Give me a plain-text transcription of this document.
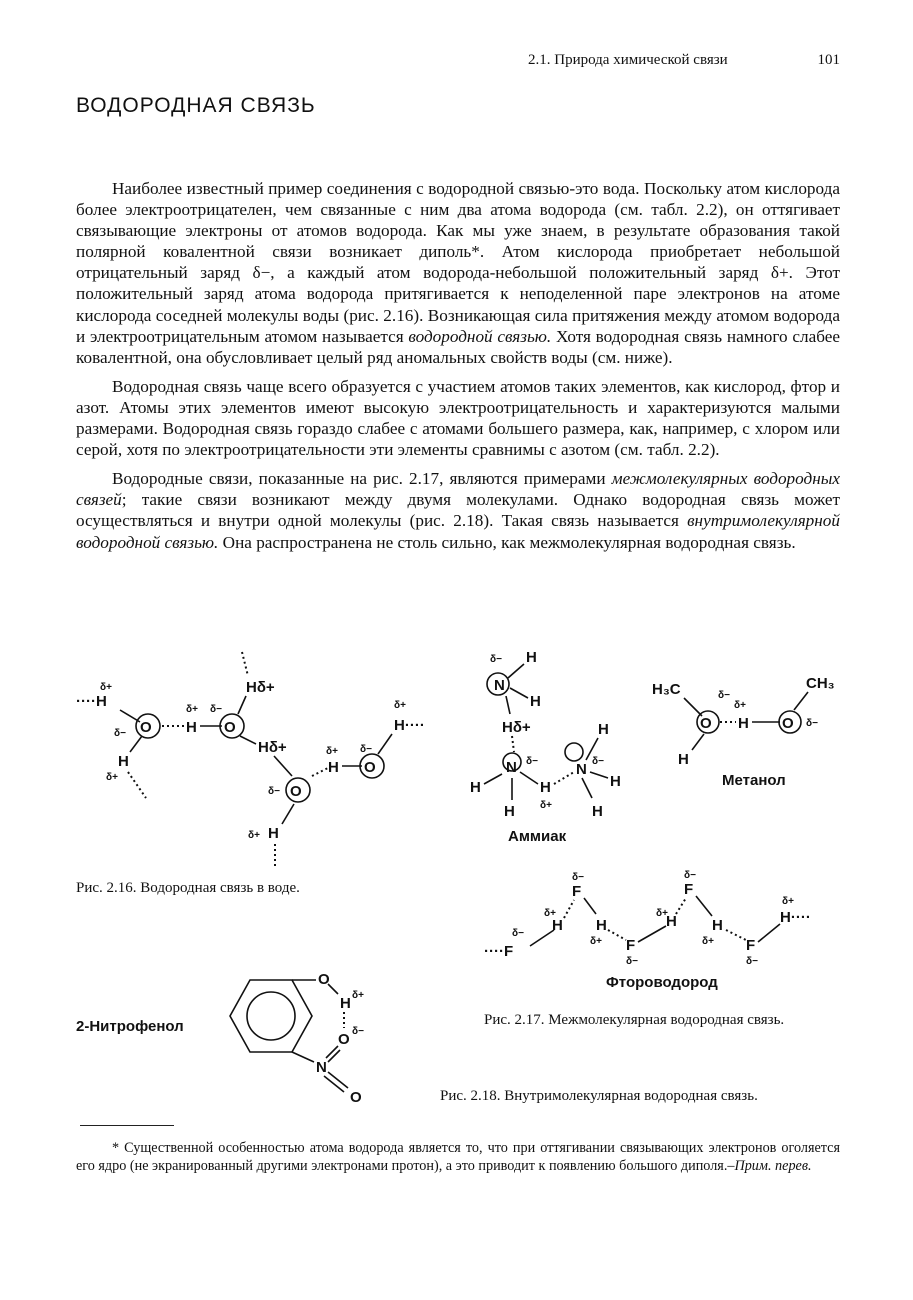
2.1. Природа химической связи	101
ВОДОРОДНАЯ СВЯЗЬ

Наиболее известный пример соединения с водородной связью-это вода. Поскольку атом кислорода более электроотрицателен, чем связанные с ним два атома водорода (см. табл. 2.2), он оттягивает связывающие электроны от атомов водорода. Как мы уже знаем, в результате образования такой полярной ковалентной связи возникает диполь*. Атом кислорода приобретает небольшой отрицательный заряд δ−, а каждый атом водорода-небольшой положительный заряд δ+. Этот положительный заряд атома водорода притягивается к неподеленной паре электронов на атоме кислорода соседней молекулы воды (рис. 2.16). Возникающая сила притяжения между атомом водорода и электроотрицательным атомом называется водородной связью. Хотя водородная связь намного слабее ковалентной, она обусловливает целый ряд аномальных свойств воды (см. ниже).

Водородная связь чаще всего образуется с участием атомов таких элементов, как кислород, фтор и азот. Атомы этих элементов имеют высокую электроотрицательность и характеризуются малыми размерами. Водородная связь гораздо слабее с атомами большего размера, как, например, с хлором или серой, хотя по электроотрицательности эти элементы сравнимы с азотом (см. табл. 2.2).

Водородные связи, показанные на рис. 2.17, являются примерами межмолекулярных водородных связей; такие связи возникают между двумя молекулами. Однако водородная связь может осуществляться и внутри одной молекулы (рис. 2.18). Такая связь называется внутримолекулярной водородной связью. Она распространена не столь сильно, как межмолекулярная водородная связь.

····H
δ+
O
δ−
H
δ+
H
δ+
O
δ−
Hδ+
Hδ+
O
δ−
H
δ+
O
δ−
H····
δ+
H
δ+
Рис. 2.16. Водородная связь в воде.
δ−
N
H
H
Hδ+
N δ−
H
H
H
δ+
N δ−
H
H
H
Аммиак
H₃C	δ−
O
H
δ+
H O δ−
CH₃
Метанол
····F
δ− H
δ+
δ−
F
H
δ+ F
δ−
H
δ+
δ−
F
H
δ+ F
δ−
H····
δ+
Фтороводород
Рис. 2.17. Межмолекулярная водородная связь.
2-Нитрофенол
O
H δ+
O δ−
N
O	Рис. 2.18. Внутримолекулярная водородная связь.
* Существенной особенностью атома водорода является то, что при оттягивании связывающих электронов оголяется его ядро (не экранированный другими электронами протон), а это приводит к появлению большого диполя.–Прим. перев.
